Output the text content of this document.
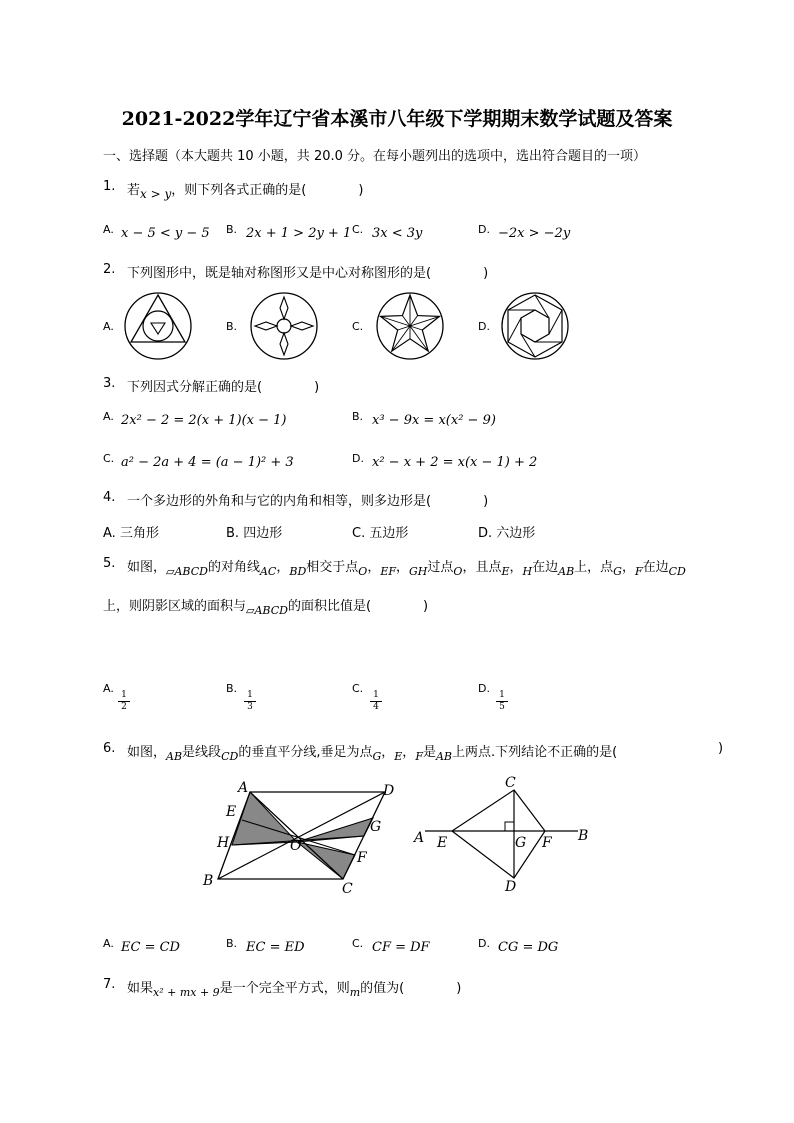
2021-2022学年辽宁省本溪市八年级下学期期末数学试题及答案
一、选择题（本大题共 10 小题，共 20.0 分。在每小题列出的选项中，选出符合题目的一项）
1. 若x > y，则下列各式正确的是(　　　　)
A. x − 5 < y − 5 B. 2x + 1 > 2y + 1 C. 3x < 3y	D. −2x > −2y
2. 下列图形中，既是轴对称图形又是中心对称图形的是(　　　　)
A.	B.	C.	D.
3. 下列因式分解正确的是(　　　　)
A. 2x² − 2 = 2(x + 1)(x − 1)	B. x³ − 9x = x(x² − 9)
C. a² − 2a + 4 = (a − 1)² + 3	D. x² − x + 2 = x(x − 1) + 2
4. 一个多边形的外角和与它的内角和相等，则多边形是(　　　　)
A. 三角形	B. 四边形	C. 五边形	D. 六边形
5. 如图，$_{▱ABCD}$的对角线$_{AC}$，$_{BD}$相交于点$_O$，$_{EF}$，$_{GH}$过点$_O$，且点$_E$，$_H$在边$_{AB}$上，点$_G$，$_F$在边$_{CD}$
上，则阴影区域的面积与$_{▱ABCD}$的面积比值是(　　　　)
A.
$\frac{1}{2}$
B.
$\frac{1}{3}$
C.
$\frac{1}{4}$
D.
$\frac{1}{5}$
6. 如图，$_{AB}$是线段$_{CD}$的垂直平分线,垂足为点$_G$，$_E$，$_F$是$_{AB}$上两点.下列结论不正确的是(	)
A	D
E
G
H	O
F
B	C
C
A E	G F B
D
A. EC = CD	B. EC = ED	C. CF = DF	D. CG = DG
7. 如果$_{x^2 + mx + 9}$是一个完全平方式，则$_m$的值为(　　　　)
